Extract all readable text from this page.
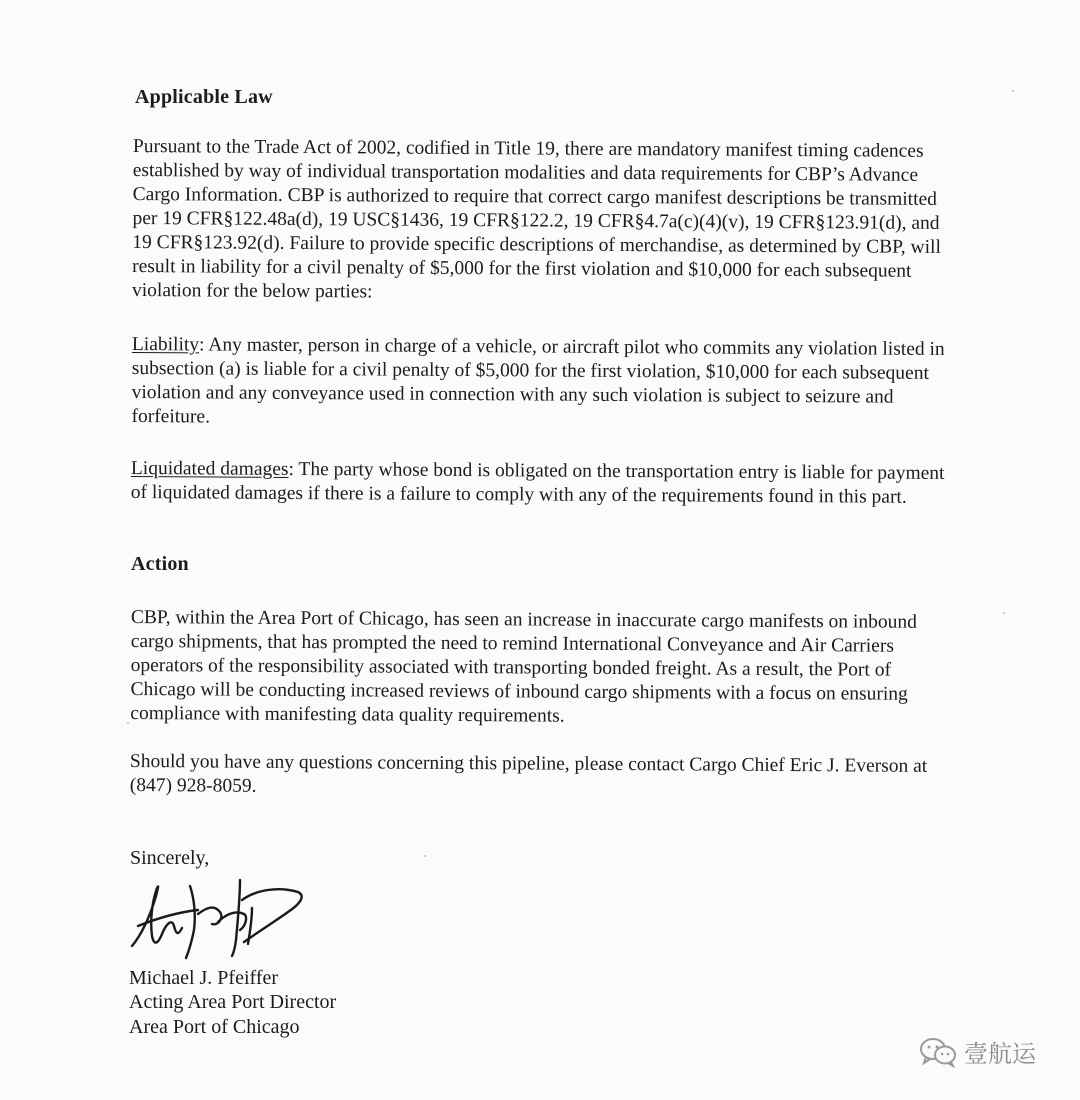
Applicable Law
Pursuant to the Trade Act of 2002, codified in Title 19, there are mandatory manifest timing cadences established by way of individual transportation modalities and data requirements for CBP’s Advance Cargo Information. CBP is authorized to require that correct cargo manifest descriptions be transmitted per 19 CFR§122.48a(d), 19 USC§1436, 19 CFR§122.2, 19 CFR§4.7a(c)(4)(v), 19 CFR§123.91(d), and 19 CFR§123.92(d). Failure to provide specific descriptions of merchandise, as determined by CBP, will result in liability for a civil penalty of $5,000 for the first violation and $10,000 for each subsequent violation for the below parties:
Liability: Any master, person in charge of a vehicle, or aircraft pilot who commits any violation listed in subsection (a) is liable for a civil penalty of $5,000 for the first violation, $10,000 for each subsequent violation and any conveyance used in connection with any such violation is subject to seizure and forfeiture.
Liquidated damages: The party whose bond is obligated on the transportation entry is liable for payment of liquidated damages if there is a failure to comply with any of the requirements found in this part.
Action
CBP, within the Area Port of Chicago, has seen an increase in inaccurate cargo manifests on inbound cargo shipments, that has prompted the need to remind International Conveyance and Air Carriers operators of the responsibility associated with transporting bonded freight. As a result, the Port of Chicago will be conducting increased reviews of inbound cargo shipments with a focus on ensuring compliance with manifesting data quality requirements.
Should you have any questions concerning this pipeline, please contact Cargo Chief Eric J. Everson at (847) 928-8059.
Sincerely,
Michael J. Pfeiffer
Acting Area Port Director
Area Port of Chicago
壹航运
